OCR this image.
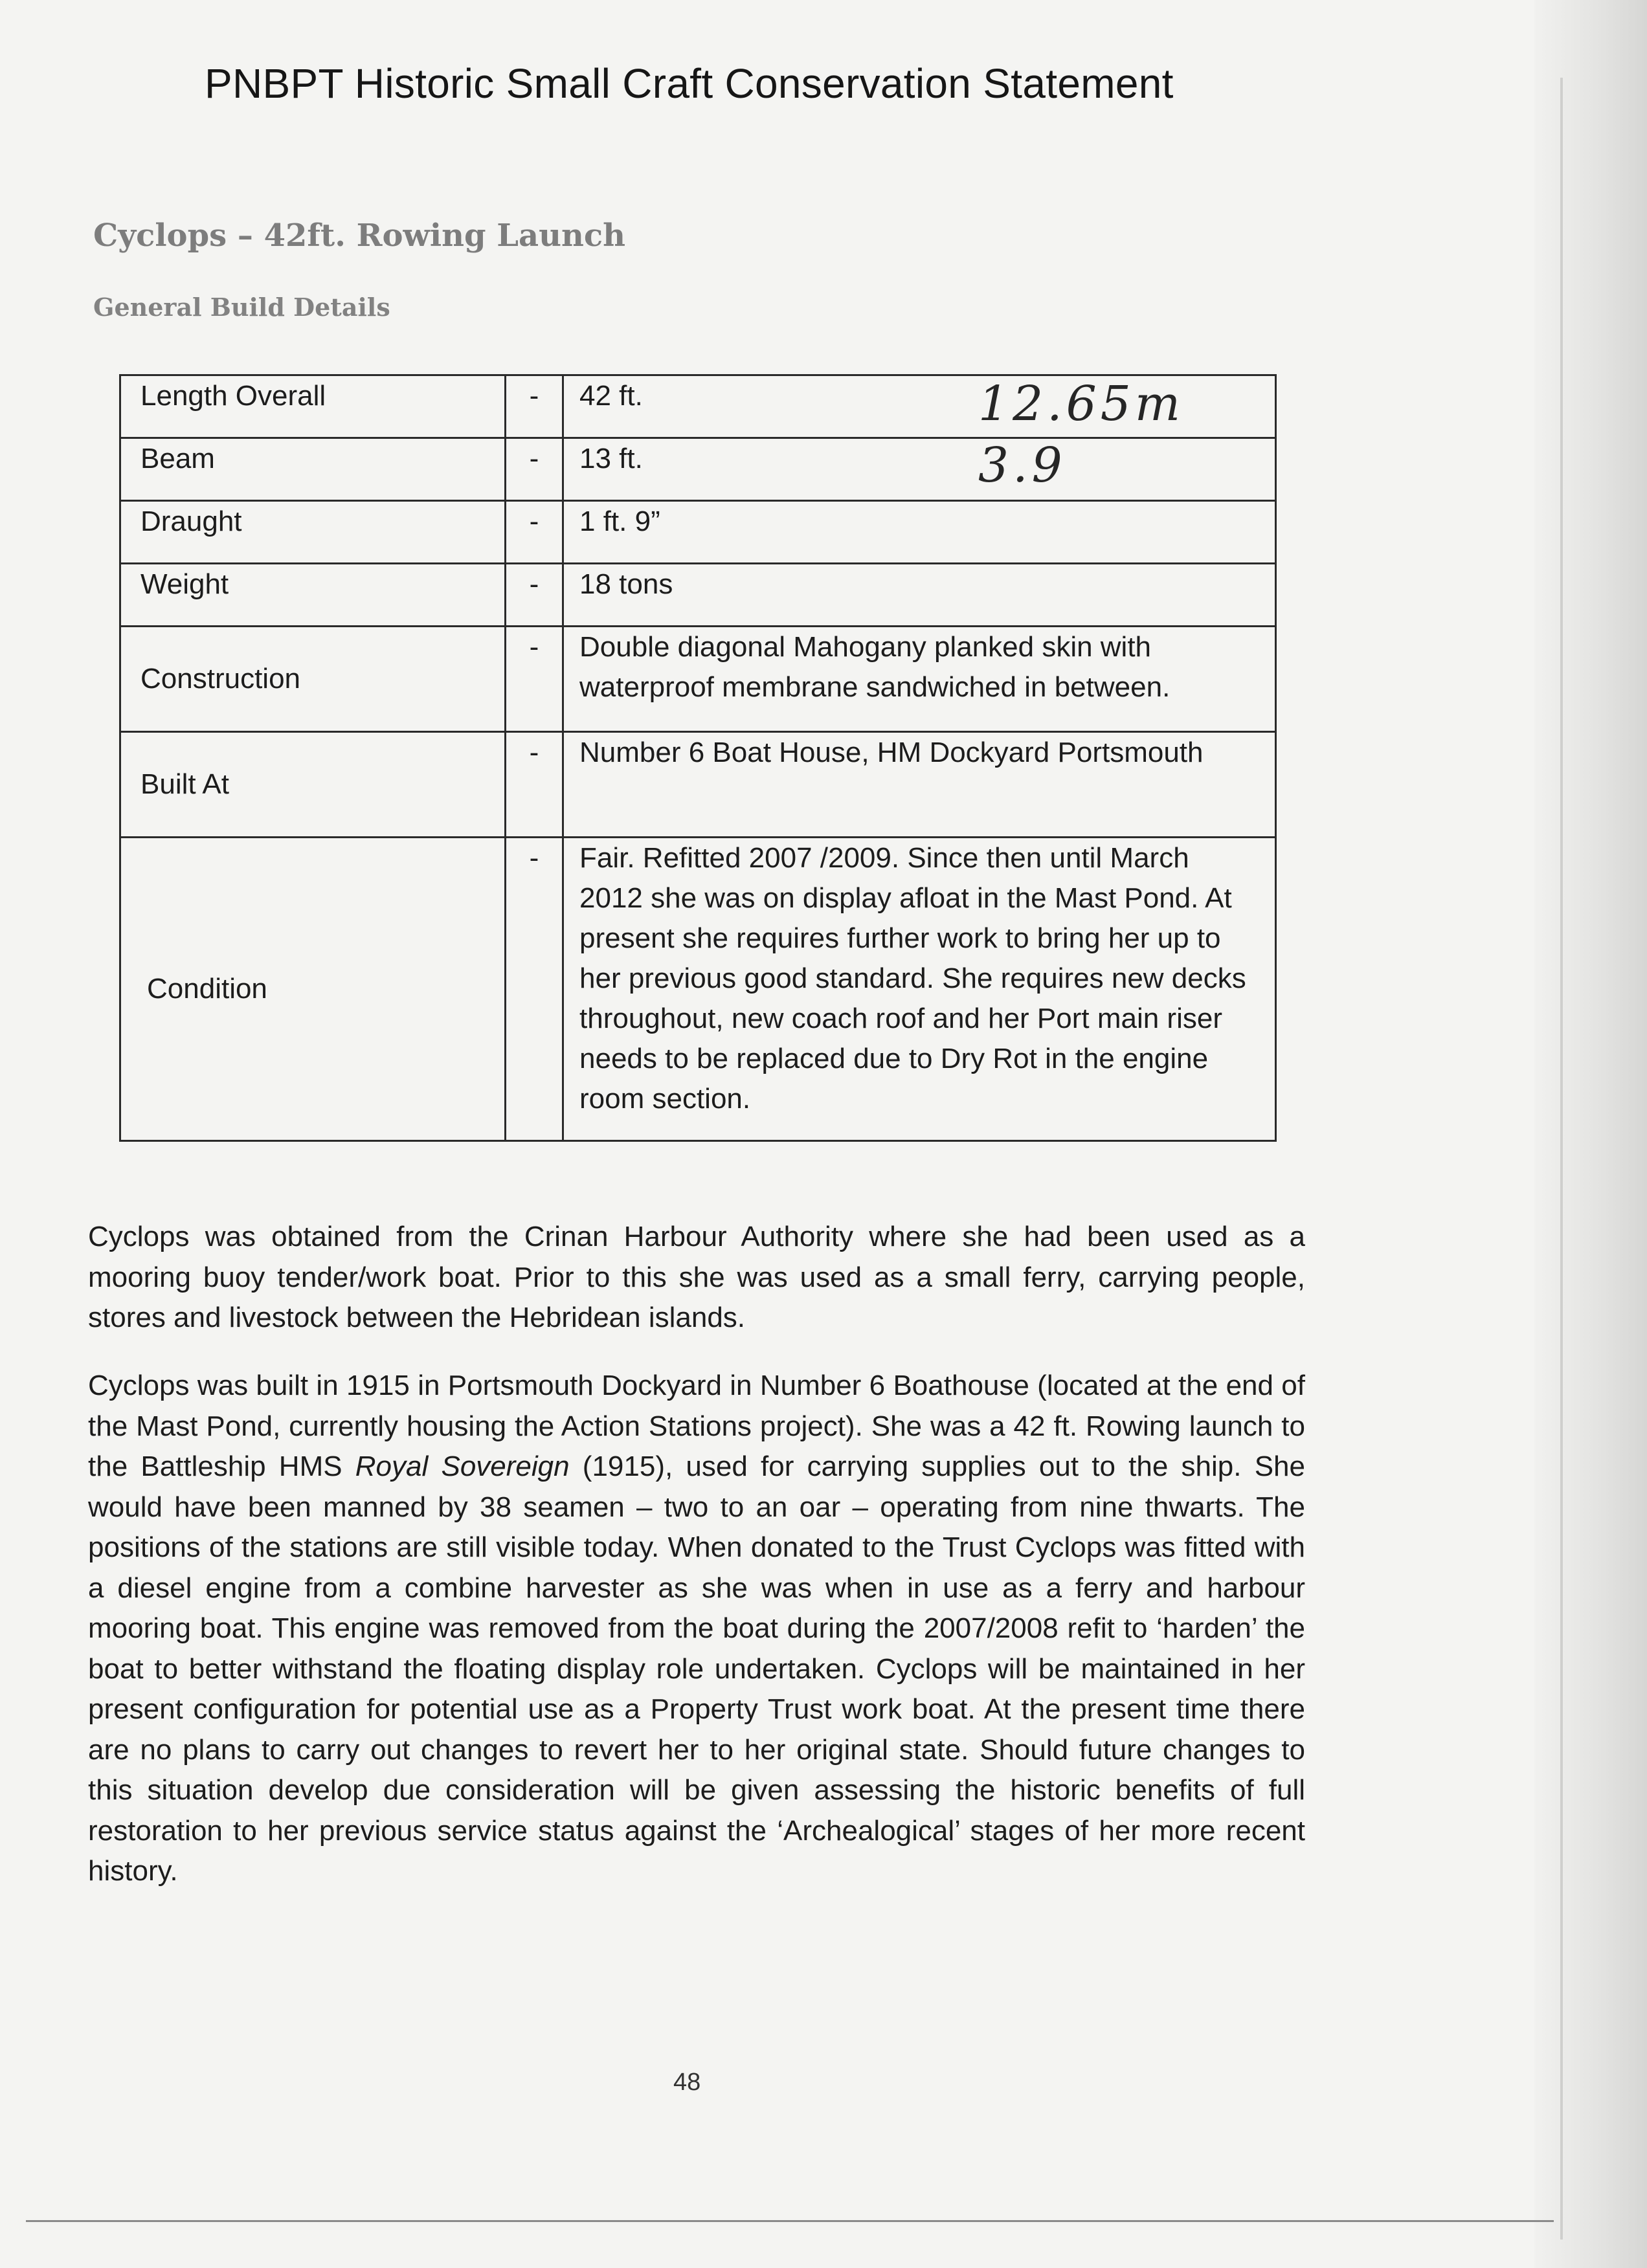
PNBPT Historic Small Craft Conservation Statement
Cyclops – 42ft. Rowing Launch
General Build Details
Length Overall	-	42 ft. 12.65m

Beam	-	13 ft. 3.9

Draught	-	1 ft. 9”
Weight	-	18 tons
Construction	-	Double diagonal Mahogany planked skin with waterproof membrane sandwiched in between.
Built At	-	Number 6 Boat House, HM Dockyard Portsmouth
Condition	-	Fair. Refitted 2007 /2009. Since then until March 2012 she was on display afloat in the Mast Pond. At present she requires further work to bring her up to her previous good standard. She requires new decks throughout, new coach roof and her Port main riser needs to be replaced due to Dry Rot in the engine room section.

Cyclops was obtained from the Crinan Harbour Authority where she had been used as a mooring buoy tender/work boat. Prior to this she was used as a small ferry, carrying people, stores and livestock between the Hebridean islands.

Cyclops was built in 1915 in Portsmouth Dockyard in Number 6 Boathouse (located at the end of the Mast Pond, currently housing the Action Stations project). She was a 42 ft. Rowing launch to the Battleship HMS Royal Sovereign (1915), used for carrying supplies out to the ship. She would have been manned by 38 seamen – two to an oar – operating from nine thwarts. The positions of the stations are still visible today. When donated to the Trust Cyclops was fitted with a diesel engine from a combine harvester as she was when in use as a ferry and harbour mooring boat. This engine was removed from the boat during the 2007/2008 refit to ‘harden’ the boat to better withstand the floating display role undertaken. Cyclops will be maintained in her present configuration for potential use as a Property Trust work boat. At the present time there are no plans to carry out changes to revert her to her original state. Should future changes to this situation develop due consideration will be given assessing the historic benefits of full restoration to her previous service status against the ‘Archealogical’ stages of her more recent history.

48
